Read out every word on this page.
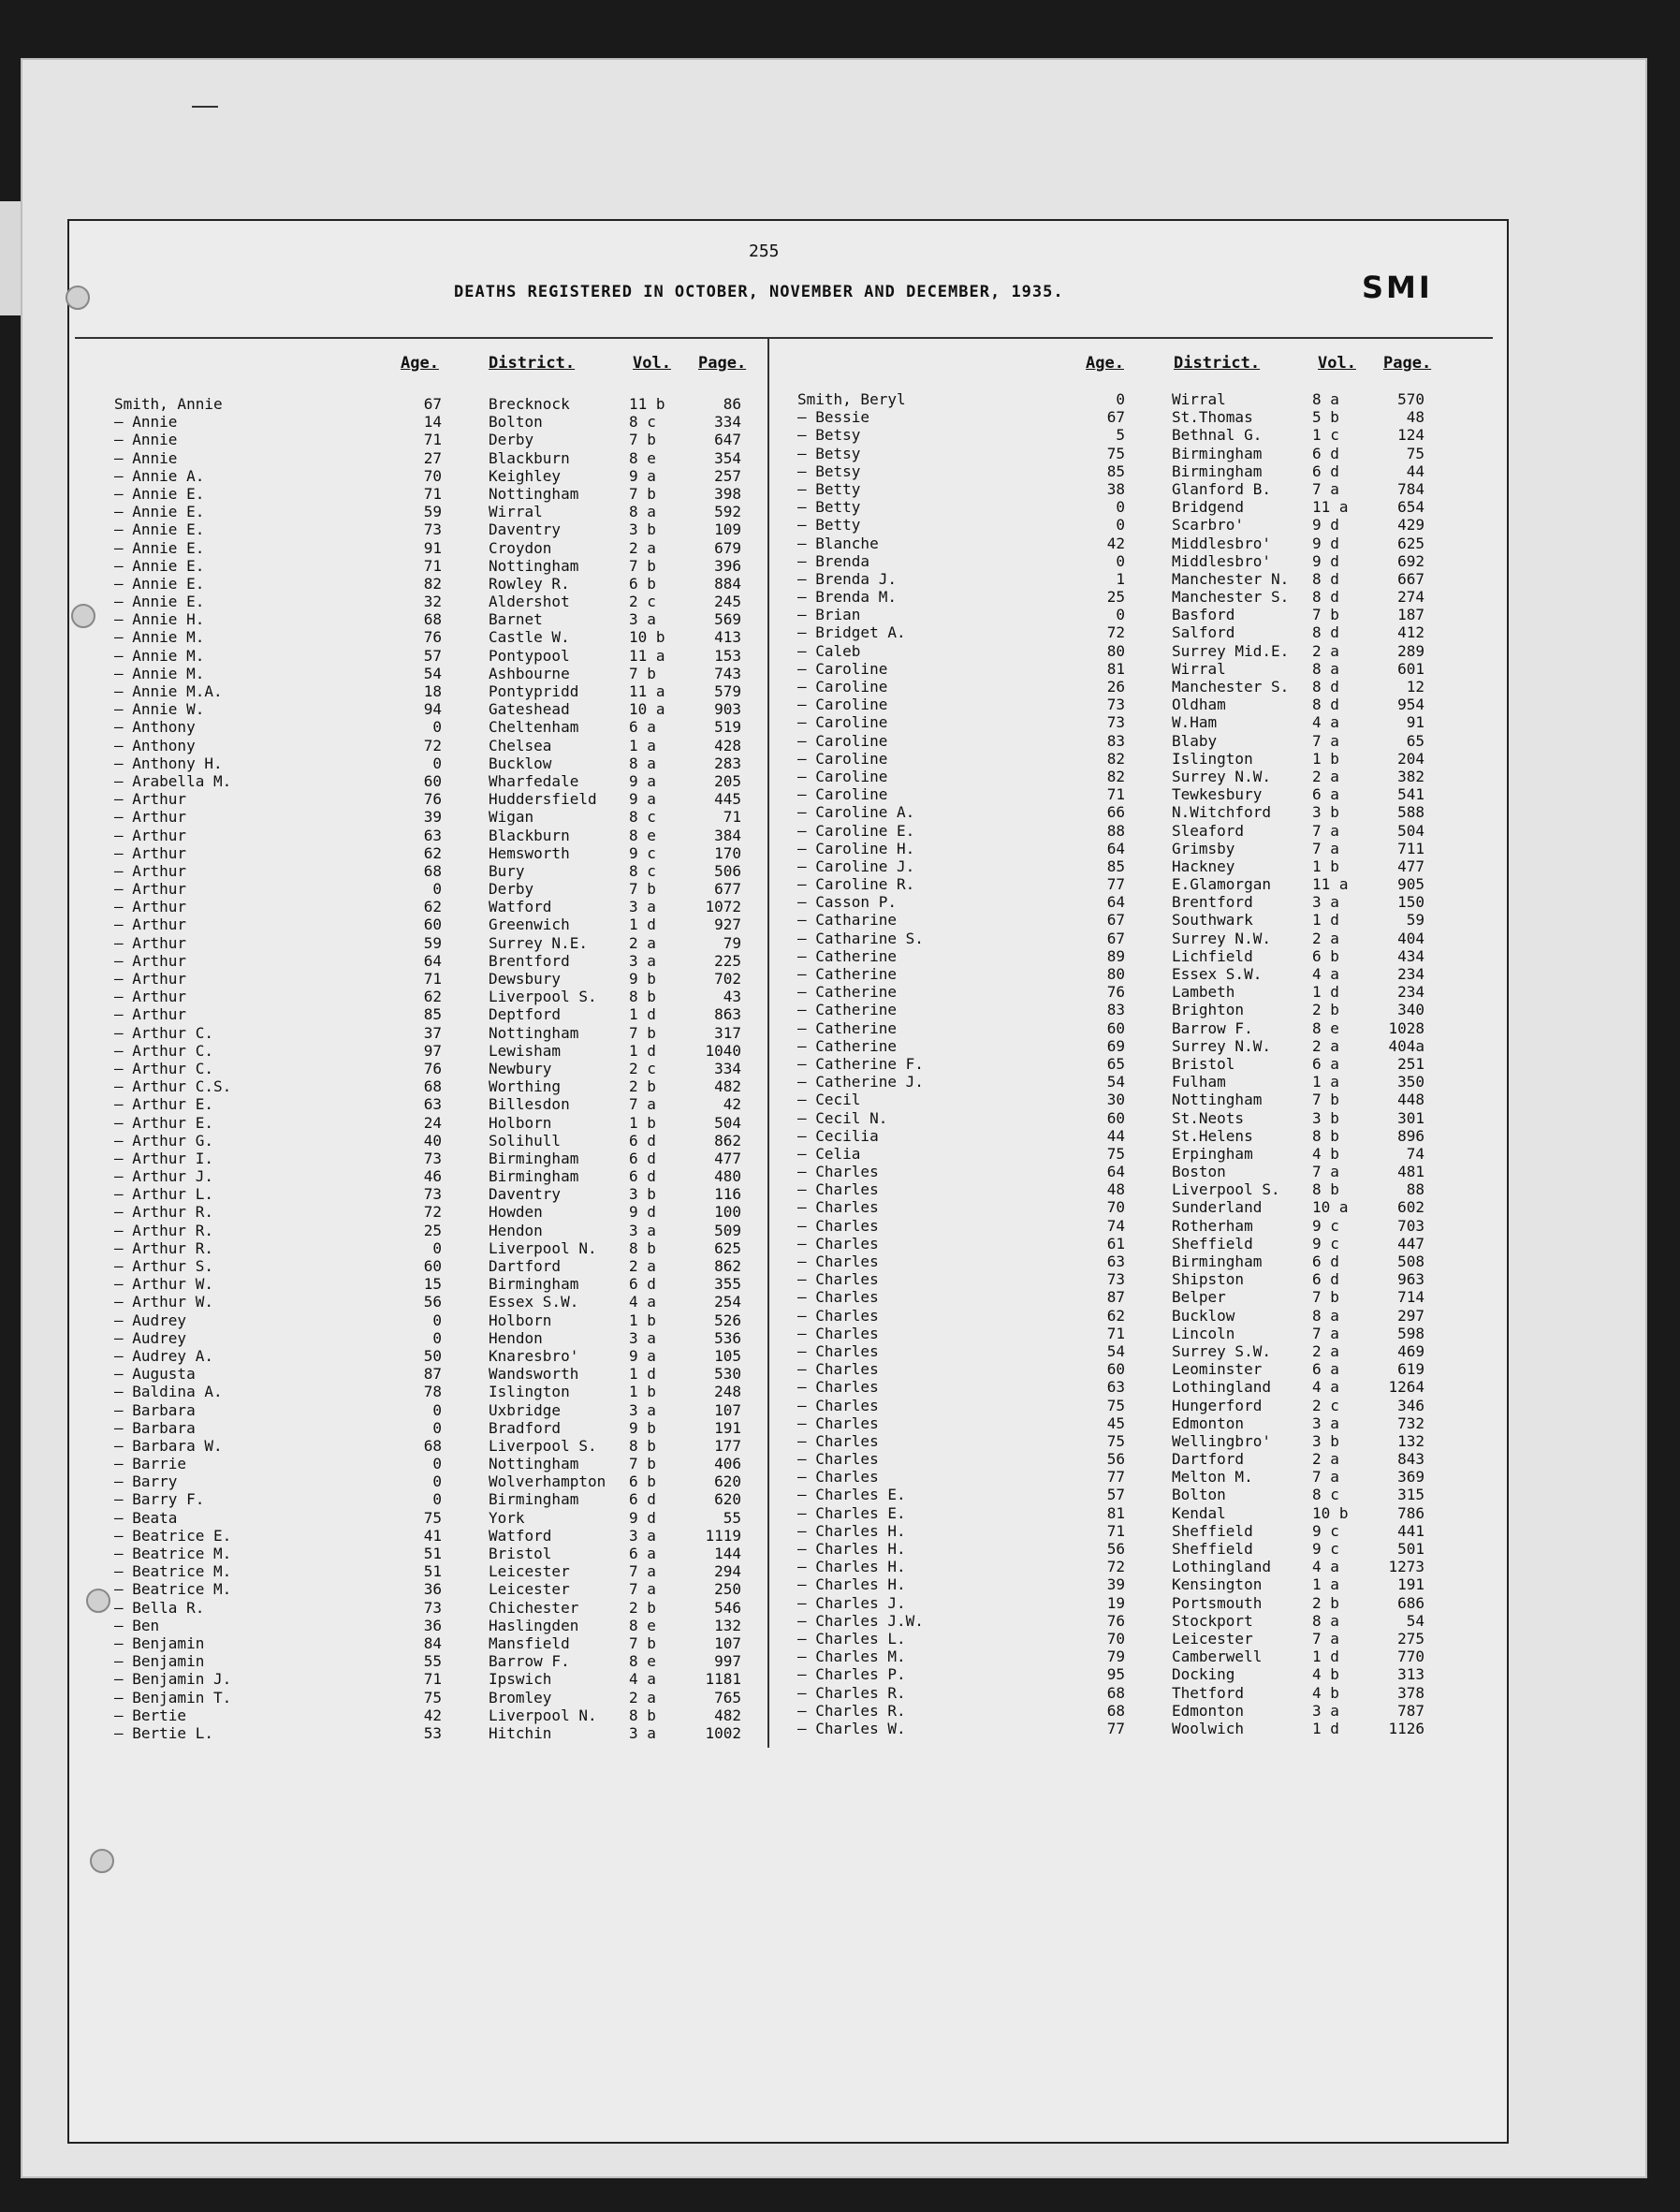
255
DEATHS REGISTERED IN OCTOBER, NOVEMBER AND DECEMBER, 1935.	SMI
Age.	District.	Vol. Page.	Age.	District.	Vol. Page.
Smith, Annie	67	Brecknock	11 b	86
— Annie	14	Bolton	8 c	334
— Annie	71	Derby	7 b	647
— Annie	27	Blackburn	8 e	354
— Annie A.	70	Keighley	9 a	257
— Annie E.	71	Nottingham	7 b	398
— Annie E.	59	Wirral	8 a	592
— Annie E.	73	Daventry	3 b	109
— Annie E.	91	Croydon	2 a	679
— Annie E.	71	Nottingham	7 b	396
— Annie E.	82	Rowley R.	6 b	884
— Annie E.	32	Aldershot	2 c	245
— Annie H.	68	Barnet	3 a	569
— Annie M.	76	Castle W.	10 b	413
— Annie M.	57	Pontypool	11 a	153
— Annie M.	54	Ashbourne	7 b	743
— Annie M.A.	18	Pontypridd	11 a	579
— Annie W.	94	Gateshead	10 a	903
— Anthony	0	Cheltenham	6 a	519
— Anthony	72	Chelsea	1 a	428
— Anthony H.	0	Bucklow	8 a	283
— Arabella M.	60	Wharfedale	9 a	205
— Arthur	76	Huddersfield 9 a	445
— Arthur	39	Wigan	8 c	71
— Arthur	63	Blackburn	8 e	384
— Arthur	62	Hemsworth	9 c	170
— Arthur	68	Bury	8 c	506
— Arthur	0	Derby	7 b	677
— Arthur	62	Watford	3 a	1072
— Arthur	60	Greenwich	1 d	927
— Arthur	59	Surrey N.E.	2 a	79
— Arthur	64	Brentford	3 a	225
— Arthur	71	Dewsbury	9 b	702
— Arthur	62	Liverpool S. 8 b	43
— Arthur	85	Deptford	1 d	863
— Arthur C.	37	Nottingham	7 b	317
— Arthur C.	97	Lewisham	1 d	1040
— Arthur C.	76	Newbury	2 c	334
— Arthur C.S.	68	Worthing	2 b	482
— Arthur E.	63	Billesdon	7 a	42
— Arthur E.	24	Holborn	1 b	504
— Arthur G.	40	Solihull	6 d	862
— Arthur I.	73	Birmingham	6 d	477
— Arthur J.	46	Birmingham	6 d	480
— Arthur L.	73	Daventry	3 b	116
— Arthur R.	72	Howden	9 d	100
— Arthur R.	25	Hendon	3 a	509
— Arthur R.	0	Liverpool N. 8 b	625
— Arthur S.	60	Dartford	2 a	862
— Arthur W.	15	Birmingham	6 d	355
— Arthur W.	56	Essex S.W.	4 a	254
— Audrey	0	Holborn	1 b	526
— Audrey	0	Hendon	3 a	536
— Audrey A.	50	Knaresbro'	9 a	105
— Augusta	87	Wandsworth	1 d	530
— Baldina A.	78	Islington	1 b	248
— Barbara	0	Uxbridge	3 a	107
— Barbara	0	Bradford	9 b	191
— Barbara W.	68	Liverpool S. 8 b	177
— Barrie	0	Nottingham	7 b	406
— Barry	0	Wolverhampton 6 b	620
— Barry F.	0	Birmingham	6 d	620
— Beata	75	York	9 d	55
— Beatrice E.	41	Watford	3 a	1119
— Beatrice M.	51	Bristol	6 a	144
— Beatrice M.	51	Leicester	7 a	294
— Beatrice M.	36	Leicester	7 a	250
— Bella R.	73	Chichester	2 b	546
— Ben	36	Haslingden	8 e	132
— Benjamin	84	Mansfield	7 b	107
— Benjamin	55	Barrow F.	8 e	997
— Benjamin J.	71	Ipswich	4 a	1181
— Benjamin T.	75	Bromley	2 a	765
— Bertie	42	Liverpool N. 8 b	482
— Bertie L.	53	Hitchin	3 a	1002
Smith, Beryl	0	Wirral	8 a	570
— Bessie	67	St.Thomas	5 b	48
— Betsy	5	Bethnal G.	1 c	124
— Betsy	75	Birmingham	6 d	75
— Betsy	85	Birmingham	6 d	44
— Betty	38	Glanford B.	7 a	784
— Betty	0	Bridgend	11 a	654
— Betty	0	Scarbro'	9 d	429
— Blanche	42	Middlesbro'	9 d	625
— Brenda	0	Middlesbro'	9 d	692
— Brenda J.	1	Manchester N. 8 d	667
— Brenda M.	25	Manchester S. 8 d	274
— Brian	0	Basford	7 b	187
— Bridget A.	72	Salford	8 d	412
— Caleb	80	Surrey Mid.E. 2 a	289
— Caroline	81	Wirral	8 a	601
— Caroline	26	Manchester S. 8 d	12
— Caroline	73	Oldham	8 d	954
— Caroline	73	W.Ham	4 a	91
— Caroline	83	Blaby	7 a	65
— Caroline	82	Islington	1 b	204
— Caroline	82	Surrey N.W.	2 a	382
— Caroline	71	Tewkesbury	6 a	541
— Caroline A.	66	N.Witchford	3 b	588
— Caroline E.	88	Sleaford	7 a	504
— Caroline H.	64	Grimsby	7 a	711
— Caroline J.	85	Hackney	1 b	477
— Caroline R.	77	E.Glamorgan	11 a	905
— Casson P.	64	Brentford	3 a	150
— Catharine	67	Southwark	1 d	59
— Catharine S.	67	Surrey N.W.	2 a	404
— Catherine	89	Lichfield	6 b	434
— Catherine	80	Essex S.W.	4 a	234
— Catherine	76	Lambeth	1 d	234
— Catherine	83	Brighton	2 b	340
— Catherine	60	Barrow F.	8 e	1028
— Catherine	69	Surrey N.W.	2 a	404a
— Catherine F.	65	Bristol	6 a	251
— Catherine J.	54	Fulham	1 a	350
— Cecil	30	Nottingham	7 b	448
— Cecil N.	60	St.Neots	3 b	301
— Cecilia	44	St.Helens	8 b	896
— Celia	75	Erpingham	4 b	74
— Charles	64	Boston	7 a	481
— Charles	48	Liverpool S. 8 b	88
— Charles	70	Sunderland	10 a	602
— Charles	74	Rotherham	9 c	703
— Charles	61	Sheffield	9 c	447
— Charles	63	Birmingham	6 d	508
— Charles	73	Shipston	6 d	963
— Charles	87	Belper	7 b	714
— Charles	62	Bucklow	8 a	297
— Charles	71	Lincoln	7 a	598
— Charles	54	Surrey S.W.	2 a	469
— Charles	60	Leominster	6 a	619
— Charles	63	Lothingland	4 a	1264
— Charles	75	Hungerford	2 c	346
— Charles	45	Edmonton	3 a	732
— Charles	75	Wellingbro'	3 b	132
— Charles	56	Dartford	2 a	843
— Charles	77	Melton M.	7 a	369
— Charles E.	57	Bolton	8 c	315
— Charles E.	81	Kendal	10 b	786
— Charles H.	71	Sheffield	9 c	441
— Charles H.	56	Sheffield	9 c	501
— Charles H.	72	Lothingland	4 a	1273
— Charles H.	39	Kensington	1 a	191
— Charles J.	19	Portsmouth	2 b	686
— Charles J.W.	76	Stockport	8 a	54
— Charles L.	70	Leicester	7 a	275
— Charles M.	79	Camberwell	1 d	770
— Charles P.	95	Docking	4 b	313
— Charles R.	68	Thetford	4 b	378
— Charles R.	68	Edmonton	3 a	787
— Charles W.	77	Woolwich	1 d	1126
